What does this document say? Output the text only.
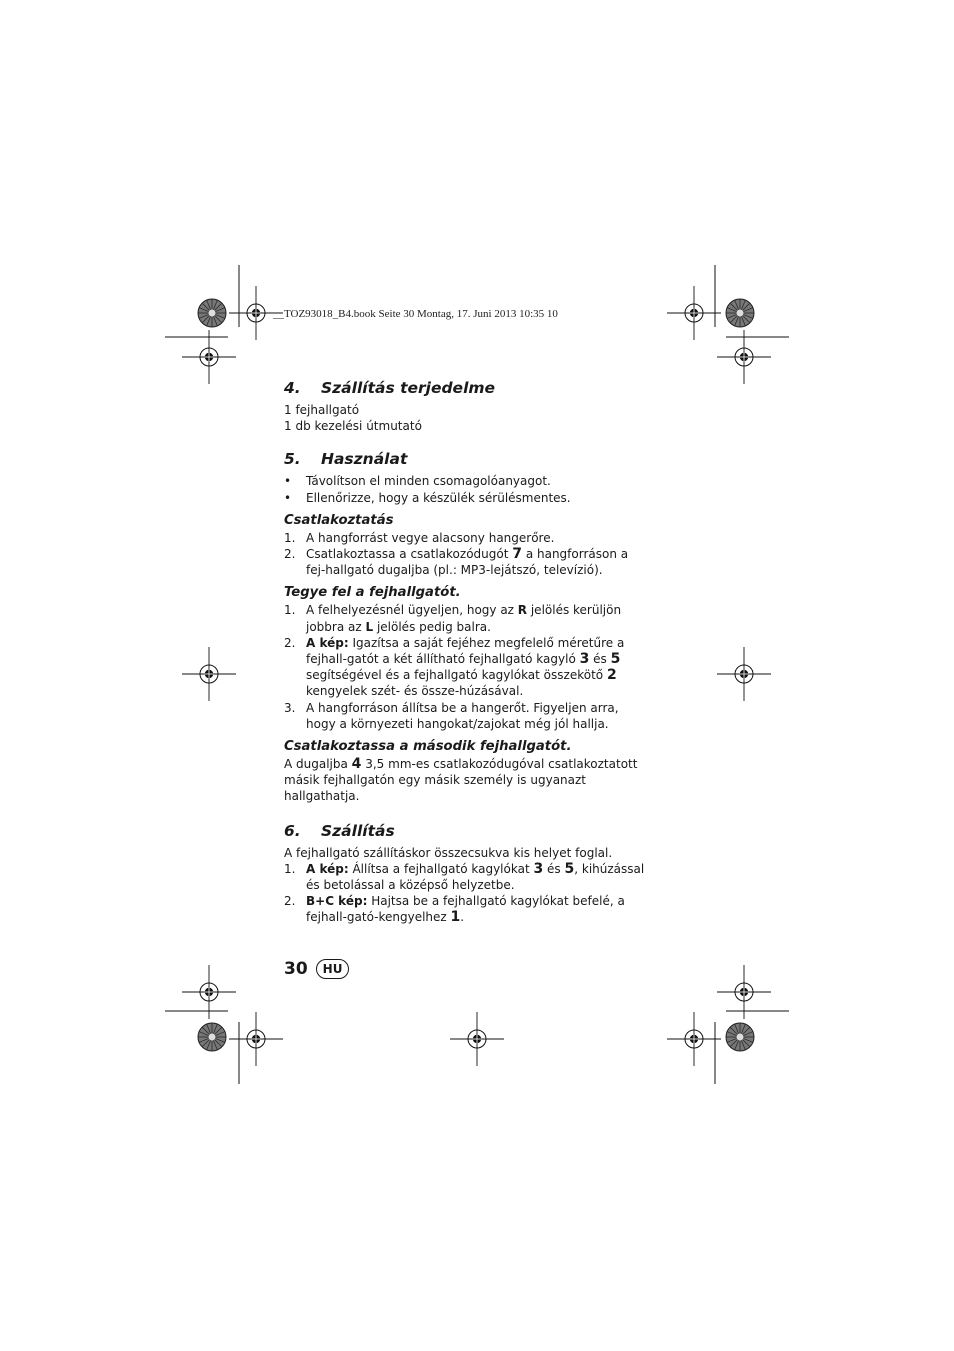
__TOZ93018_B4.book Seite 30 Montag, 17. Juni 2013 10:35 10
4.	Szállítás terjedelme

1 fejhallgató

1 db kezelési útmutató

5.	Használat
•	Távolítson el minden csomagolóanyagot.
•	Ellenőrizze, hogy a készülék sérülésmentes.
Csatlakoztatás
1. A hangforrást vegye alacsony hangerőre.
2. Csatlakoztassa a csatlakozódugót 7 a hangforráson a fej-hallgató dugaljba (pl.: MP3-lejátszó, televízió).
Tegye fel a fejhallgatót.
1. A felhelyezésnél ügyeljen, hogy az R jelölés kerüljön jobbra az L jelölés pedig balra.
2. A kép: Igazítsa a saját fejéhez megfelelő méretűre a fejhall-gatót a két állítható fejhallgató kagyló 3 és 5 segítségével és a fejhallgató kagylókat összekötő 2 kengyelek szét- és össze-húzásával.
3. A hangforráson állítsa be a hangerőt. Figyeljen arra, hogy a környezeti hangokat/zajokat még jól hallja.
Csatlakoztassa a második fejhallgatót.

A dugaljba 4 3,5 mm-es csatlakozódugóval csatlakoztatott másik fejhallgatón egy másik személy is ugyanazt hallgathatja.

6.	Szállítás

A fejhallgató szállításkor összecsukva kis helyet foglal.

1. A kép: Állítsa a fejhallgató kagylókat 3 és 5, kihúzással és betolással a középső helyzetbe.
2. B+C kép: Hajtsa be a fejhallgató kagylókat befelé, a fejhall-gató-kengyelhez 1.
30	HU
